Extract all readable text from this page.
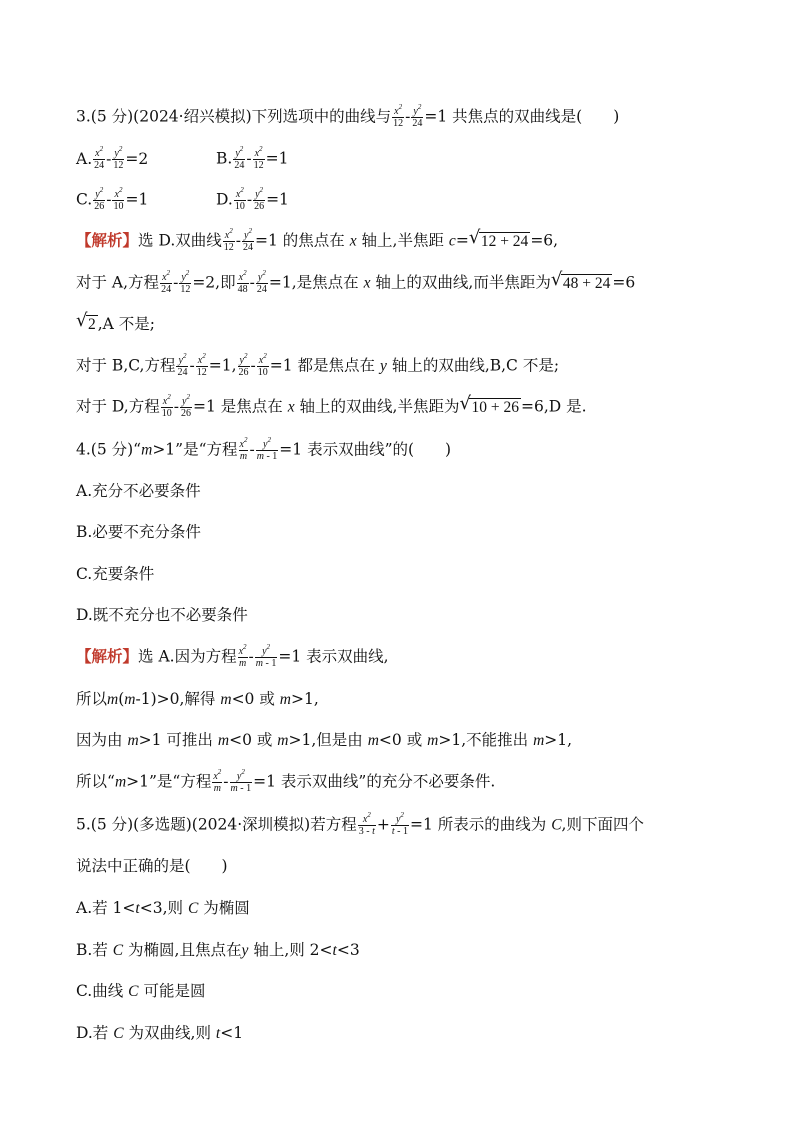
3.(5 分)(2024·绍兴模拟)下列选项中的曲线与 $\frac{x^2}{12} - \frac{y^2}{24} =1$ 共焦点的双曲线是(　　)
A. $\frac{x^2}{24} - \frac{y^2}{12} =2$	B. $\frac{y^2}{24} - \frac{x^2}{12} =1$
C. $\frac{y^2}{26} - \frac{x^2}{10} =1$	D. $\frac{x^2}{10} - \frac{y^2}{26} =1$
【解析】选 D.双曲线 $\frac{x^2}{12} - \frac{y^2}{24} =1$ 的焦点在 x 轴上,半焦距 c= √ 12 + 24 =6,
对于 A,方程 $\frac{x^2}{24} - \frac{y^2}{12} =2$,即 $\frac{x^2}{48} - \frac{y^2}{24} =1$,是焦点在 x 轴上的双曲线,而半焦距为 √ 48 + 24 =6
√ 2 ,A 不是;
对于 B,C,方程 $\frac{y^2}{24} - \frac{x^2}{12} =1$, $\frac{y^2}{26} - \frac{x^2}{10} =1$ 都是焦点在 y 轴上的双曲线,B,C 不是;
对于 D,方程 $\frac{x^2}{10} - \frac{y^2}{26} =1$ 是焦点在 x 轴上的双曲线,半焦距为 √ 10 + 26 =6,D 是.
4.(5 分)“m>1”是“方程 $\frac{x^2}{m} - \frac{y^2}{m - 1} =1$ 表示双曲线”的(　　)
A.充分不必要条件
B.必要不充分条件
C.充要条件
D.既不充分也不必要条件
【解析】选 A.因为方程 $\frac{x^2}{m} - \frac{y^2}{m - 1} =1$ 表示双曲线,
所以m(m-1)>0,解得 m<0 或 m>1,
因为由 m>1 可推出 m<0 或 m>1,但是由 m<0 或 m>1,不能推出 m>1,
所以“m>1”是“方程 $\frac{x^2}{m} - \frac{y^2}{m - 1} =1$ 表示双曲线”的充分不必要条件.
5.(5 分)(多选题)(2024·深圳模拟)若方程 $\frac{x^2}{3 - t} + \frac{y^2}{t - 1} =1$ 所表示的曲线为 C,则下面四个
说法中正确的是(　　)
A.若 1<t<3,则 C 为椭圆
B.若 C 为椭圆,且焦点在y 轴上,则 2<t<3
C.曲线 C 可能是圆
D.若 C 为双曲线,则 t<1
